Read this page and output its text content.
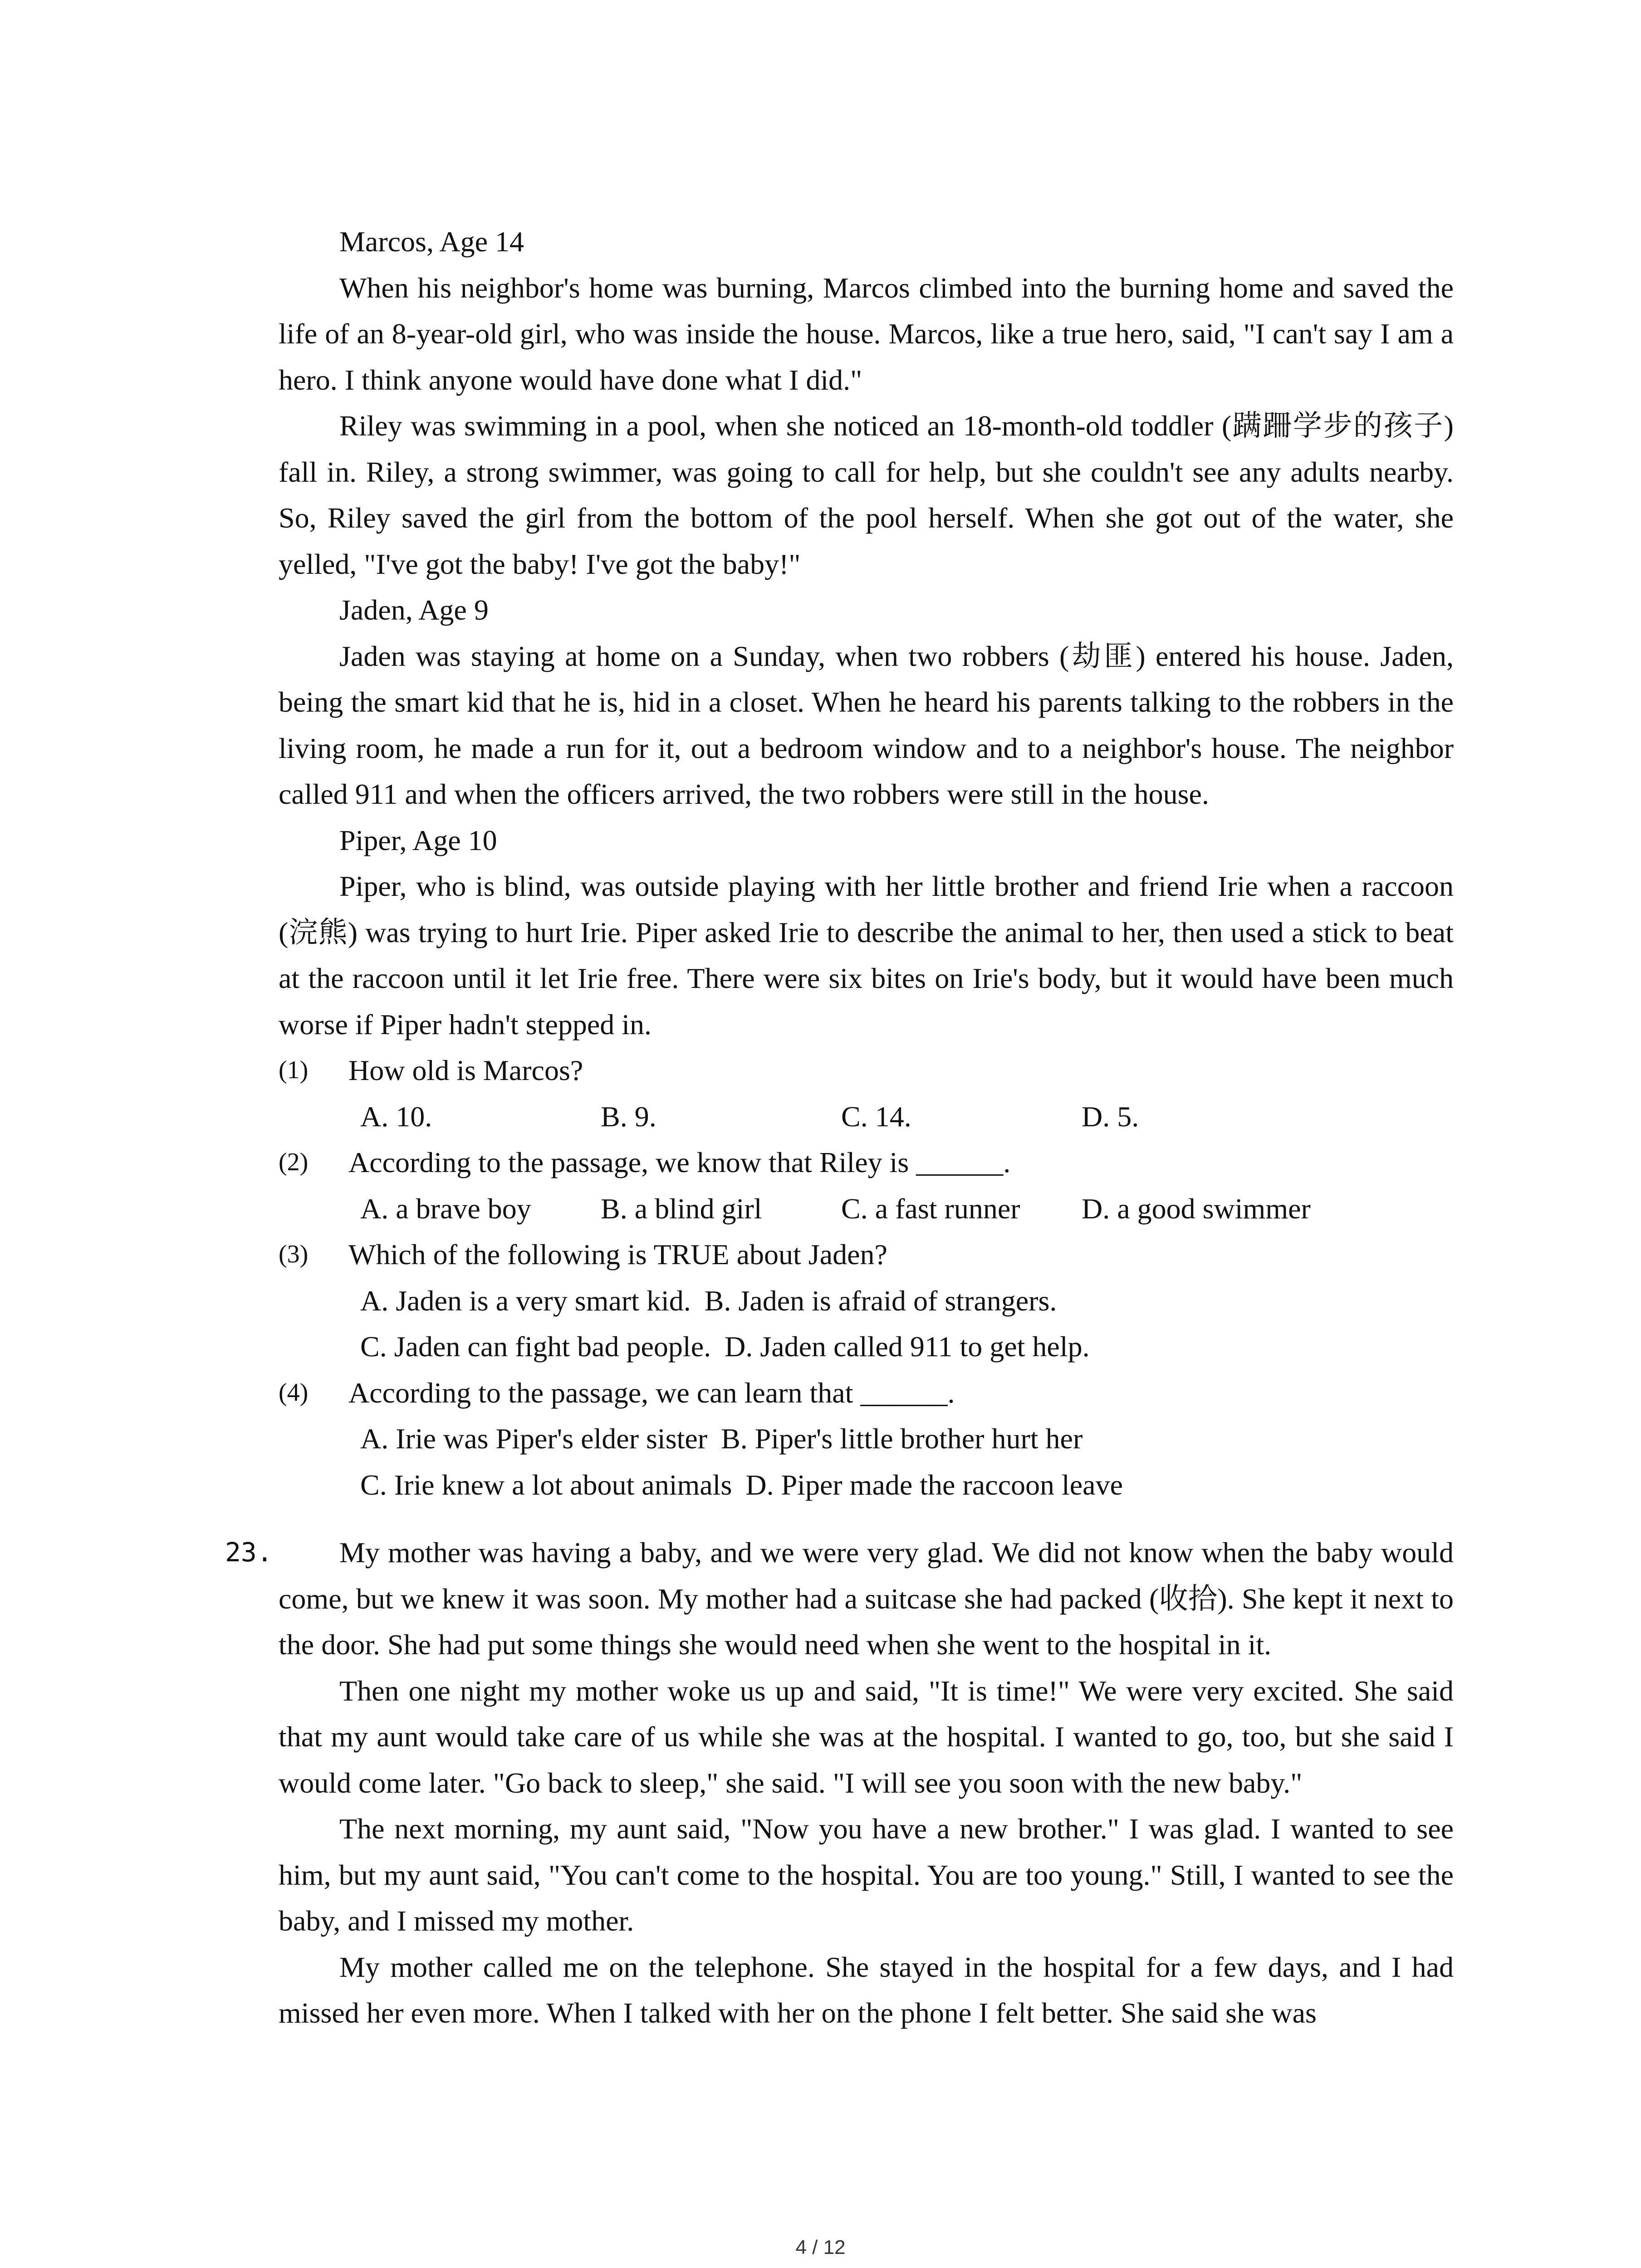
Marcos, Age 14

When his neighbor's home was burning, Marcos climbed into the burning home and saved the life of an 8-year-old girl, who was inside the house. Marcos, like a true hero, said, "I can't say I am a hero. I think anyone would have done what I did."

Riley was swimming in a pool, when she noticed an 18-month-old toddler (蹒跚学步的孩子) fall in. Riley, a strong swimmer, was going to call for help, but she couldn't see any adults nearby. So, Riley saved the girl from the bottom of the pool herself. When she got out of the water, she yelled, "I've got the baby! I've got the baby!"

Jaden, Age 9

Jaden was staying at home on a Sunday, when two robbers (劫匪) entered his house. Jaden, being the smart kid that he is, hid in a closet. When he heard his parents talking to the robbers in the living room, he made a run for it, out a bedroom window and to a neighbor's house. The neighbor called 911 and when the officers arrived, the two robbers were still in the house.

Piper, Age 10

Piper, who is blind, was outside playing with her little brother and friend Irie when a raccoon (浣熊) was trying to hurt Irie. Piper asked Irie to describe the animal to her, then used a stick to beat at the raccoon until it let Irie free. There were six bites on Irie's body, but it would have been much worse if Piper hadn't stepped in.

(1)	How old is Marcos?
A. 10.	B. 9.	C. 14.	D. 5.
(2)	According to the passage, we know that Riley is ______.
A. a brave boy	B. a blind girl	C. a fast runner	D. a good swimmer
(3)	Which of the following is TRUE about Jaden?

A. Jaden is a very smart kid. B. Jaden is afraid of strangers.

C. Jaden can fight bad people. D. Jaden called 911 to get help.

(4)	According to the passage, we can learn that ______.

A. Irie was Piper's elder sister B. Piper's little brother hurt her

C. Irie knew a lot about animals D. Piper made the raccoon leave

23.	My mother was having a baby, and we were very glad. We did not know when the baby would come, but we knew it was soon. My mother had a suitcase she had packed (收拾). She kept it next to the door. She had put some things she would need when she went to the hospital in it.

Then one night my mother woke us up and said, "It is time!" We were very excited. She said that my aunt would take care of us while she was at the hospital. I wanted to go, too, but she said I would come later. "Go back to sleep," she said. "I will see you soon with the new baby."

The next morning, my aunt said, "Now you have a new brother." I was glad. I wanted to see him, but my aunt said, "You can't come to the hospital. You are too young." Still, I wanted to see the baby, and I missed my mother.

My mother called me on the telephone. She stayed in the hospital for a few days, and I had missed her even more. When I talked with her on the phone I felt better. She said she was

4 / 12
